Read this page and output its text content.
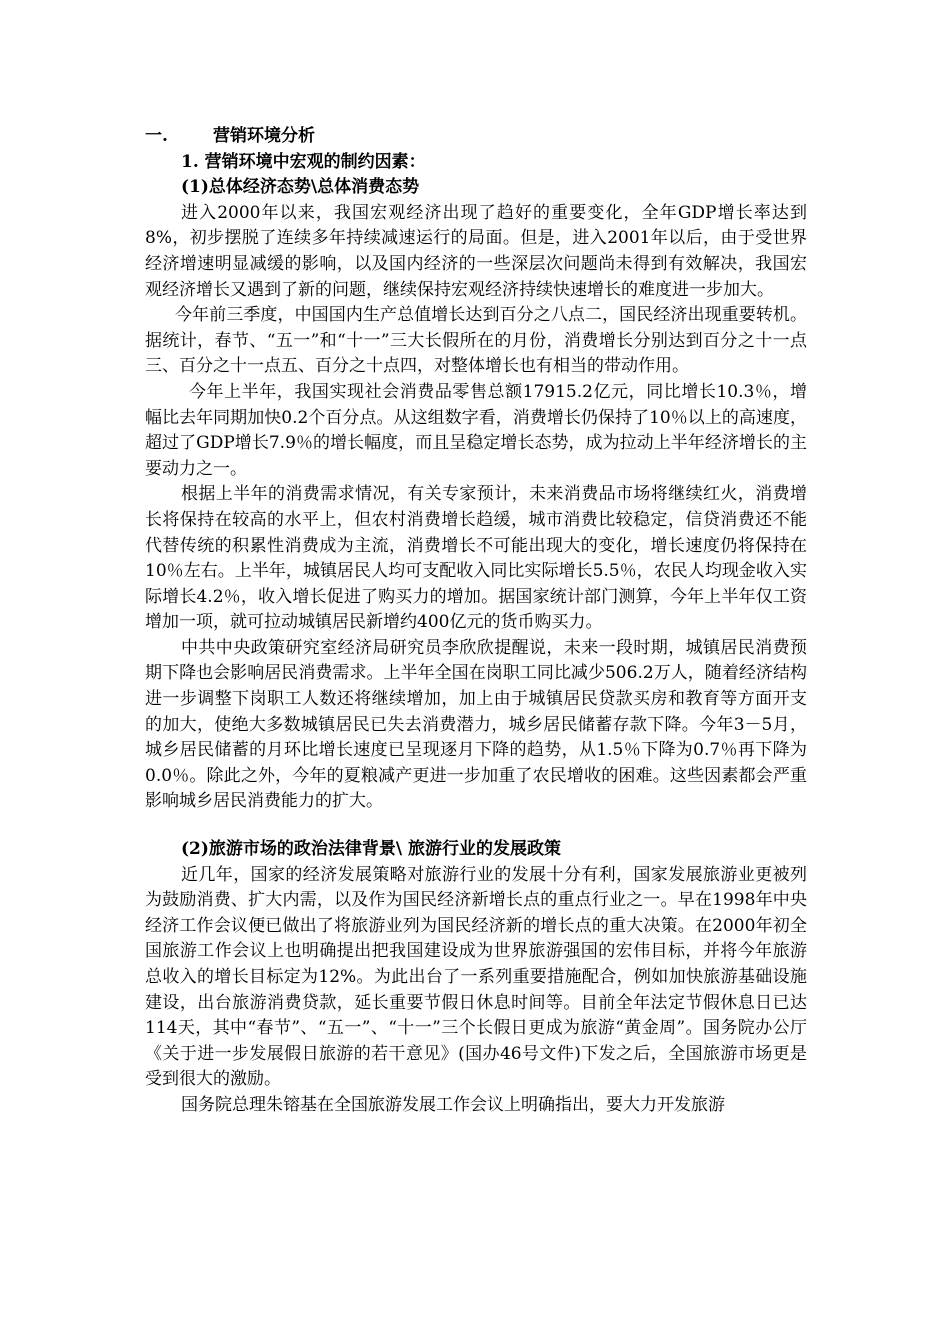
一.	营销环境分析
1. 营销环境中宏观的制约因素：
(1)总体经济态势\总体消费态势

进入2000年以来，我国宏观经济出现了趋好的重要变化，全年GDP增长率达到8%，初步摆脱了连续多年持续减速运行的局面。但是，进入2001年以后，由于受世界经济增速明显减缓的影响，以及国内经济的一些深层次问题尚未得到有效解决，我国宏观经济增长又遇到了新的问题，继续保持宏观经济持续快速增长的难度进一步加大。

今年前三季度，中国国内生产总值增长达到百分之八点二，国民经济出现重要转机。据统计，春节、“五一”和“十一”三大长假所在的月份，消费增长分别达到百分之十一点三、百分之十一点五、百分之十点四，对整体增长也有相当的带动作用。

今年上半年，我国实现社会消费品零售总额17915.2亿元，同比增长10.3％，增幅比去年同期加快0.2个百分点。从这组数字看，消费增长仍保持了10％以上的高速度，超过了GDP增长7.9％的增长幅度，而且呈稳定增长态势，成为拉动上半年经济增长的主要动力之一。

根据上半年的消费需求情况，有关专家预计，未来消费品市场将继续红火，消费增长将保持在较高的水平上，但农村消费增长趋缓，城市消费比较稳定，信贷消费还不能代替传统的积累性消费成为主流，消费增长不可能出现大的变化，增长速度仍将保持在10％左右。上半年，城镇居民人均可支配收入同比实际增长5.5％，农民人均现金收入实际增长4.2％，收入增长促进了购买力的增加。据国家统计部门测算，今年上半年仅工资增加一项，就可拉动城镇居民新增约400亿元的货币购买力。

中共中央政策研究室经济局研究员李欣欣提醒说，未来一段时期，城镇居民消费预期下降也会影响居民消费需求。上半年全国在岗职工同比减少506.2万人，随着经济结构进一步调整下岗职工人数还将继续增加，加上由于城镇居民贷款买房和教育等方面开支的加大，使绝大多数城镇居民已失去消费潜力，城乡居民储蓄存款下降。今年3－5月，城乡居民储蓄的月环比增长速度已呈现逐月下降的趋势，从1.5％下降为0.7％再下降为0.0％。除此之外，今年的夏粮减产更进一步加重了农民增收的困难。这些因素都会严重影响城乡居民消费能力的扩大。

(2)旅游市场的政治法律背景\ 旅游行业的发展政策

近几年，国家的经济发展策略对旅游行业的发展十分有利，国家发展旅游业更被列为鼓励消费、扩大内需，以及作为国民经济新增长点的重点行业之一。早在1998年中央经济工作会议便已做出了将旅游业列为国民经济新的增长点的重大决策。在2000年初全国旅游工作会议上也明确提出把我国建设成为世界旅游强国的宏伟目标，并将今年旅游总收入的增长目标定为12%。为此出台了一系列重要措施配合，例如加快旅游基础设施建设，出台旅游消费贷款，延长重要节假日休息时间等。目前全年法定节假休息日已达114天，其中“春节”、“五一”、“十一”三个长假日更成为旅游“黄金周”。国务院办公厅《关于进一步发展假日旅游的若干意见》(国办46号文件)下发之后，全国旅游市场更是受到很大的激励。

国务院总理朱镕基在全国旅游发展工作会议上明确指出，要大力开发旅游
